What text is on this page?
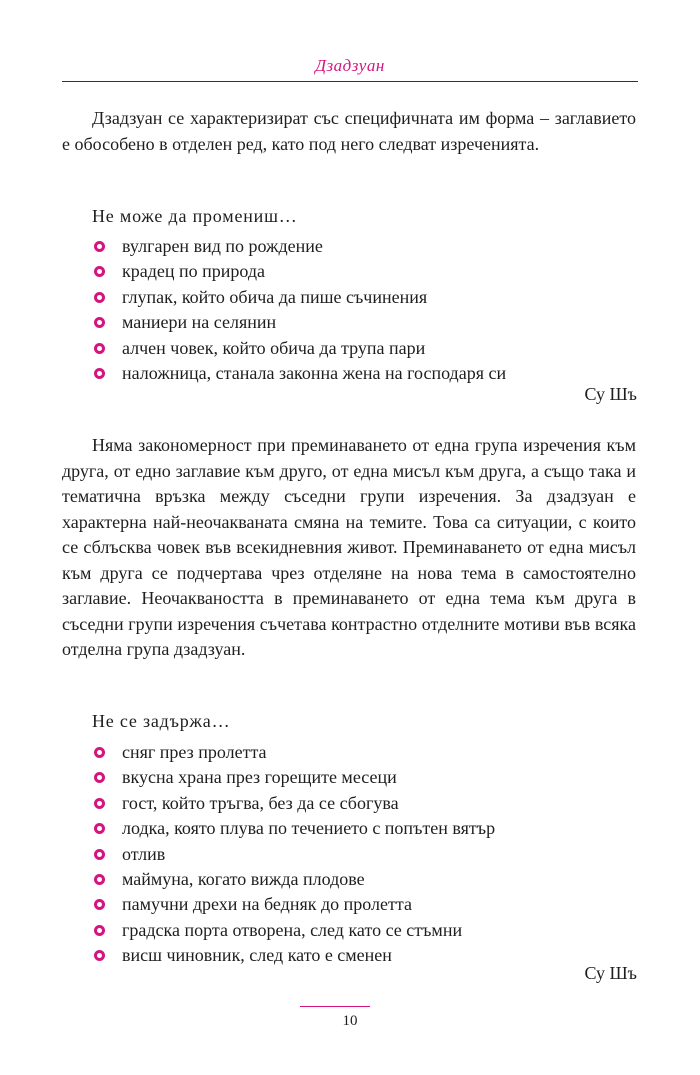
Дзадзуан

Дзадзуан се характеризират със специфичната им форма – заглавието е обособено в отделен ред, като под него следват изреченията.

Не може да промениш…
вулгарен вид по рождение
крадец по природа
глупак, който обича да пише съчинения
маниери на селянин
алчен човек, който обича да трупа пари
наложница, станала законна жена на господаря си
Су Шъ

Няма закономерност при преминаването от една група изречения към друга, от едно заглавие към друго, от една мисъл към друга, а също така и тематична връзка между съседни групи изречения. За дзадзуан е характерна най-неочакваната смяна на темите. Това са ситуации, с които се сблъсква човек във всекидневния живот. Преминаването от една мисъл към друга се подчертава чрез отделяне на нова тема в самостоятелно заглавие. Неочакваността в преминаването от една тема към друга в съседни групи изречения съчетава контрастно отделните мотиви във всяка отделна група дзадзуан.

Не се задържа…
сняг през пролетта
вкусна храна през горещите месеци
гост, който тръгва, без да се сбогува
лодка, която плува по течението с попътен вятър
отлив
маймуна, когато вижда плодове
памучни дрехи на бедняк до пролетта
градска порта отворена, след като се стъмни
висш чиновник, след като е сменен
Су Шъ
10
